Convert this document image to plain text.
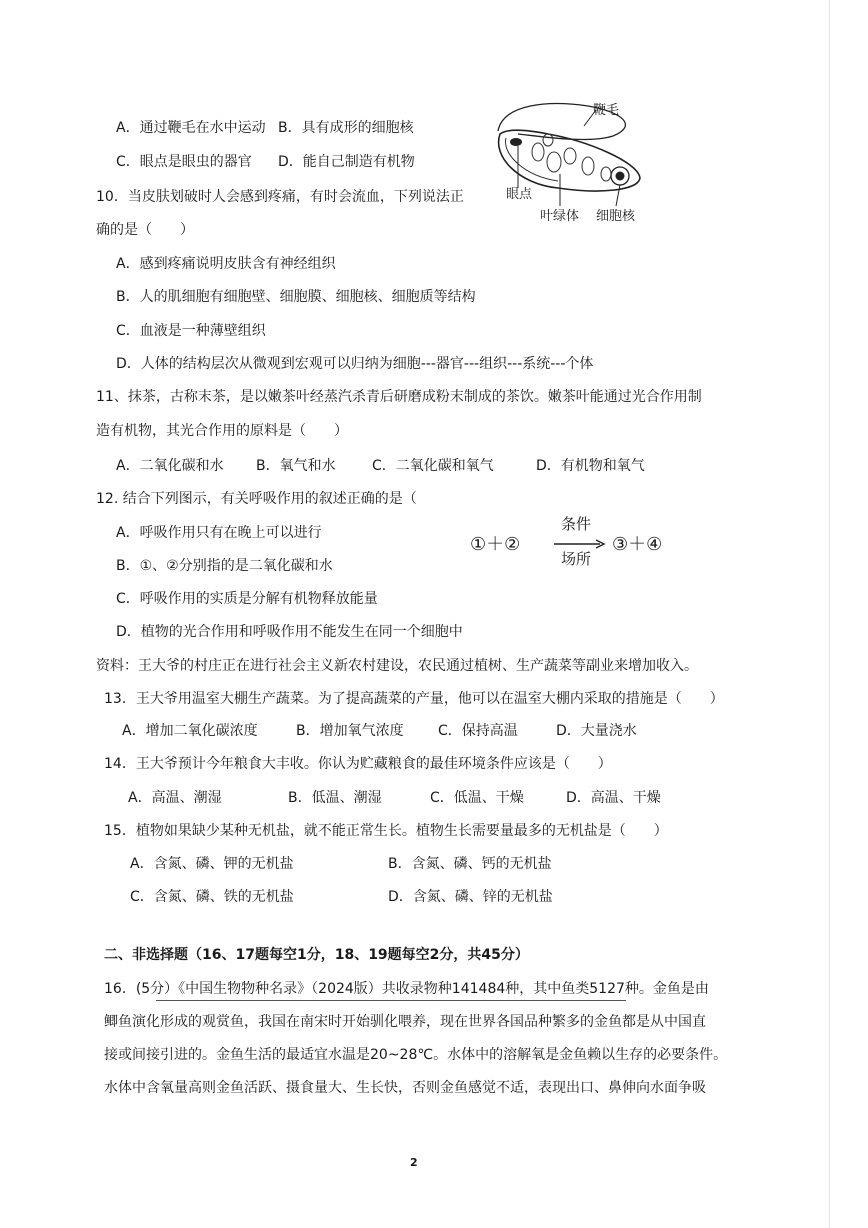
A．通过鞭毛在水中运动 B．具有成形的细胞核
C．眼点是眼虫的器官 D．能自己制造有机物
鞭毛
眼点
叶绿体 细胞核
10．当皮肤划破时人会感到疼痛，有时会流血，下列说法正
确的是（　　）
A．感到疼痛说明皮肤含有神经组织
B．人的肌细胞有细胞壁、细胞膜、细胞核、细胞质等结构
C．血液是一种薄壁组织
D．人体的结构层次从微观到宏观可以归纳为细胞---器官---组织---系统---个体
11、抹茶，古称末茶，是以嫩茶叶经蒸汽杀青后研磨成粉末制成的茶饮。嫩茶叶能通过光合作用制
造有机物，其光合作用的原料是（　　）
A．二氧化碳和水 B．氧气和水	C．二氧化碳和氧气	D．有机物和氧气
12. 结合下列图示，有关呼吸作用的叙述正确的是（
A．呼吸作用只有在晚上可以进行
B．①、②分别指的是二氧化碳和水
C．呼吸作用的实质是分解有机物释放能量
D．植物的光合作用和呼吸作用不能发生在同一个细胞中
①＋②
条件
场所
③＋④
资料：王大爷的村庄正在进行社会主义新农村建设，农民通过植树、生产蔬菜等副业来增加收入。
13．王大爷用温室大棚生产蔬菜。为了提高蔬菜的产量，他可以在温室大棚内采取的措施是（　　）
A．增加二氧化碳浓度	B．增加氧气浓度 C．保持高温	D．大量浇水
14．王大爷预计今年粮食大丰收。你认为贮藏粮食的最佳环境条件应该是（　　）
A．高温、潮湿	B．低温、潮湿	C．低温、干燥	D．高温、干燥
15．植物如果缺少某种无机盐，就不能正常生长。植物生长需要量最多的无机盐是（　　）
A．含氮、磷、钾的无机盐	B．含氮、磷、钙的无机盐
C．含氮、磷、铁的无机盐	D．含氮、磷、锌的无机盐
二、非选择题（16、17题每空1分，18、19题每空2分，共45分）
16．(5分）《中国生物物种名录》（2024版）共收录物种141484种，其中鱼类5127种。金鱼是由
鲫鱼演化形成的观赏鱼，我国在南宋时开始驯化喂养，现在世界各国品种繁多的金鱼都是从中国直
接或间接引进的。金鱼生活的最适宜水温是20~28℃。水体中的溶解氧是金鱼赖以生存的必要条件。
水体中含氧量高则金鱼活跃、摄食量大、生长快，否则金鱼感觉不适，表现出口、鼻伸向水面争吸
2
